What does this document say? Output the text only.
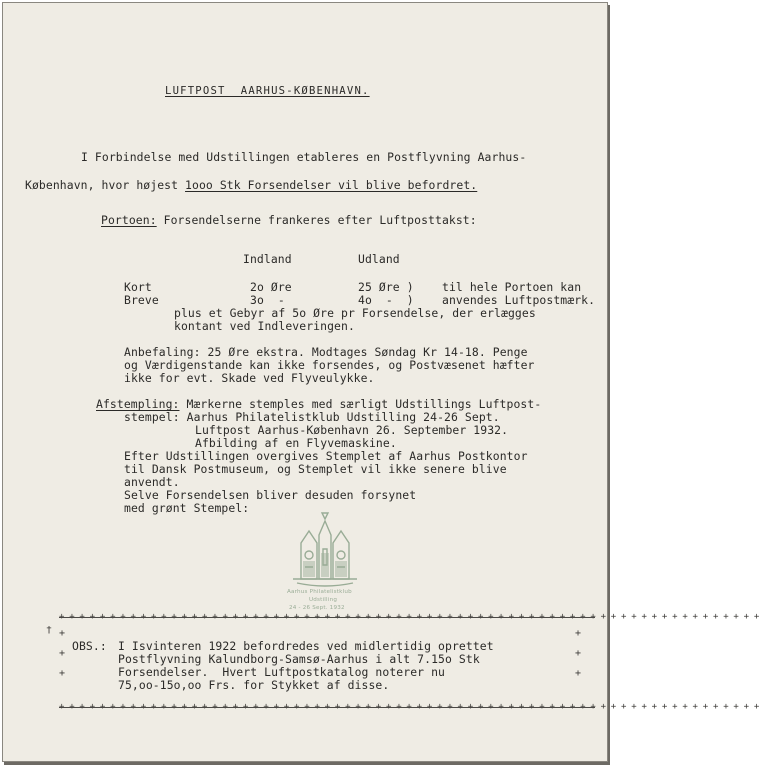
LUFTPOST  AARHUS-KØBENHAVN.
I Forbindelse med Udstillingen etableres en Postflyvning Aarhus-
København, hvor højest 1ooo Stk Forsendelser vil blive befordret.
Portoen: Forsendelserne frankeres efter Luftposttakst:
Indland	Udland
Kort	2o Øre	25 Øre ) til hele Portoen kan
Breve	3o  -	4o  -  ) anvendes Luftpostmærk.
plus et Gebyr af 5o Øre pr Forsendelse, der erlægges
kontant ved Indleveringen.
Anbefaling: 25 Øre ekstra. Modtages Søndag Kr 14-18. Penge
og Værdigenstande kan ikke forsendes, og Postvæsenet hæfter
ikke for evt. Skade ved Flyveulykke.
Afstempling: Mærkerne stemples med særligt Udstillings Luftpost-
stempel: Aarhus Philatelistklub Udstilling 24-26 Sept.
Luftpost Aarhus-København 26. September 1932.
Afbilding af en Flyvemaskine.
Efter Udstillingen overgives Stemplet af Aarhus Postkontor
til Dansk Postmuseum, og Stemplet vil ikke senere blive
anvendt.
Selve Forsendelsen bliver desuden forsynet
med grønt Stempel:
Aarhus Philatelistklub
Udstilling
24 - 26 Sept. 1932
+++++++++++++++++++++++++++++++++++++++++++++++++++++++++++++++++++++
+

+

+
+

+

+
†
OBS.: I Isvinteren 1922 befordredes ved midlertidig oprettet
Postflyvning Kalundborg-Samsø-Aarhus i alt 7.15o Stk
Forsendelser.  Hvert Luftpostkatalog noterer nu
75,oo-15o,oo Frs. for Stykket af disse.
+++++++++++++++++++++++++++++++++++++++++++++++++++++++++++++++++++++
